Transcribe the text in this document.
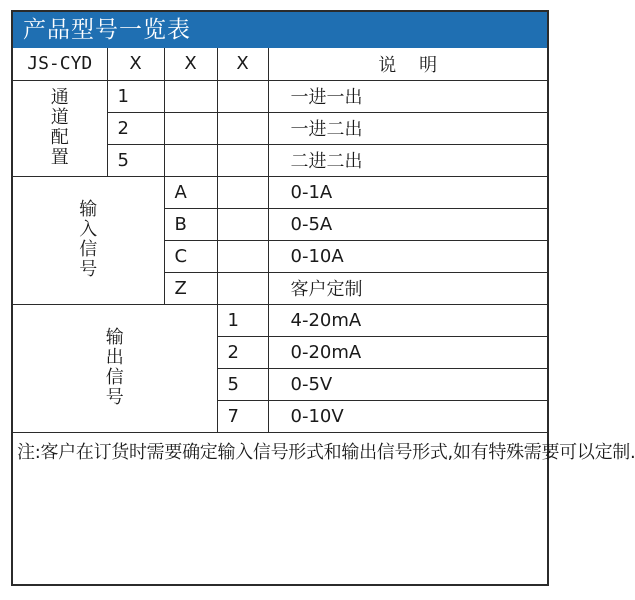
产品型号一览表
JS-CYD	X	X	X	说    明
通道配置	1			一进一出
	2			一进二出
	5			二进二出
输入信号		A		0-1A
		B		0-5A
		C		0-10A
		Z		客户定制
输出信号			1	4-20mA
			2	0-20mA
			5	0-5V
			7	0-10V
注:客户在订货时需要确定输入信号形式和输出信号形式,如有特殊需要可以定制.				
